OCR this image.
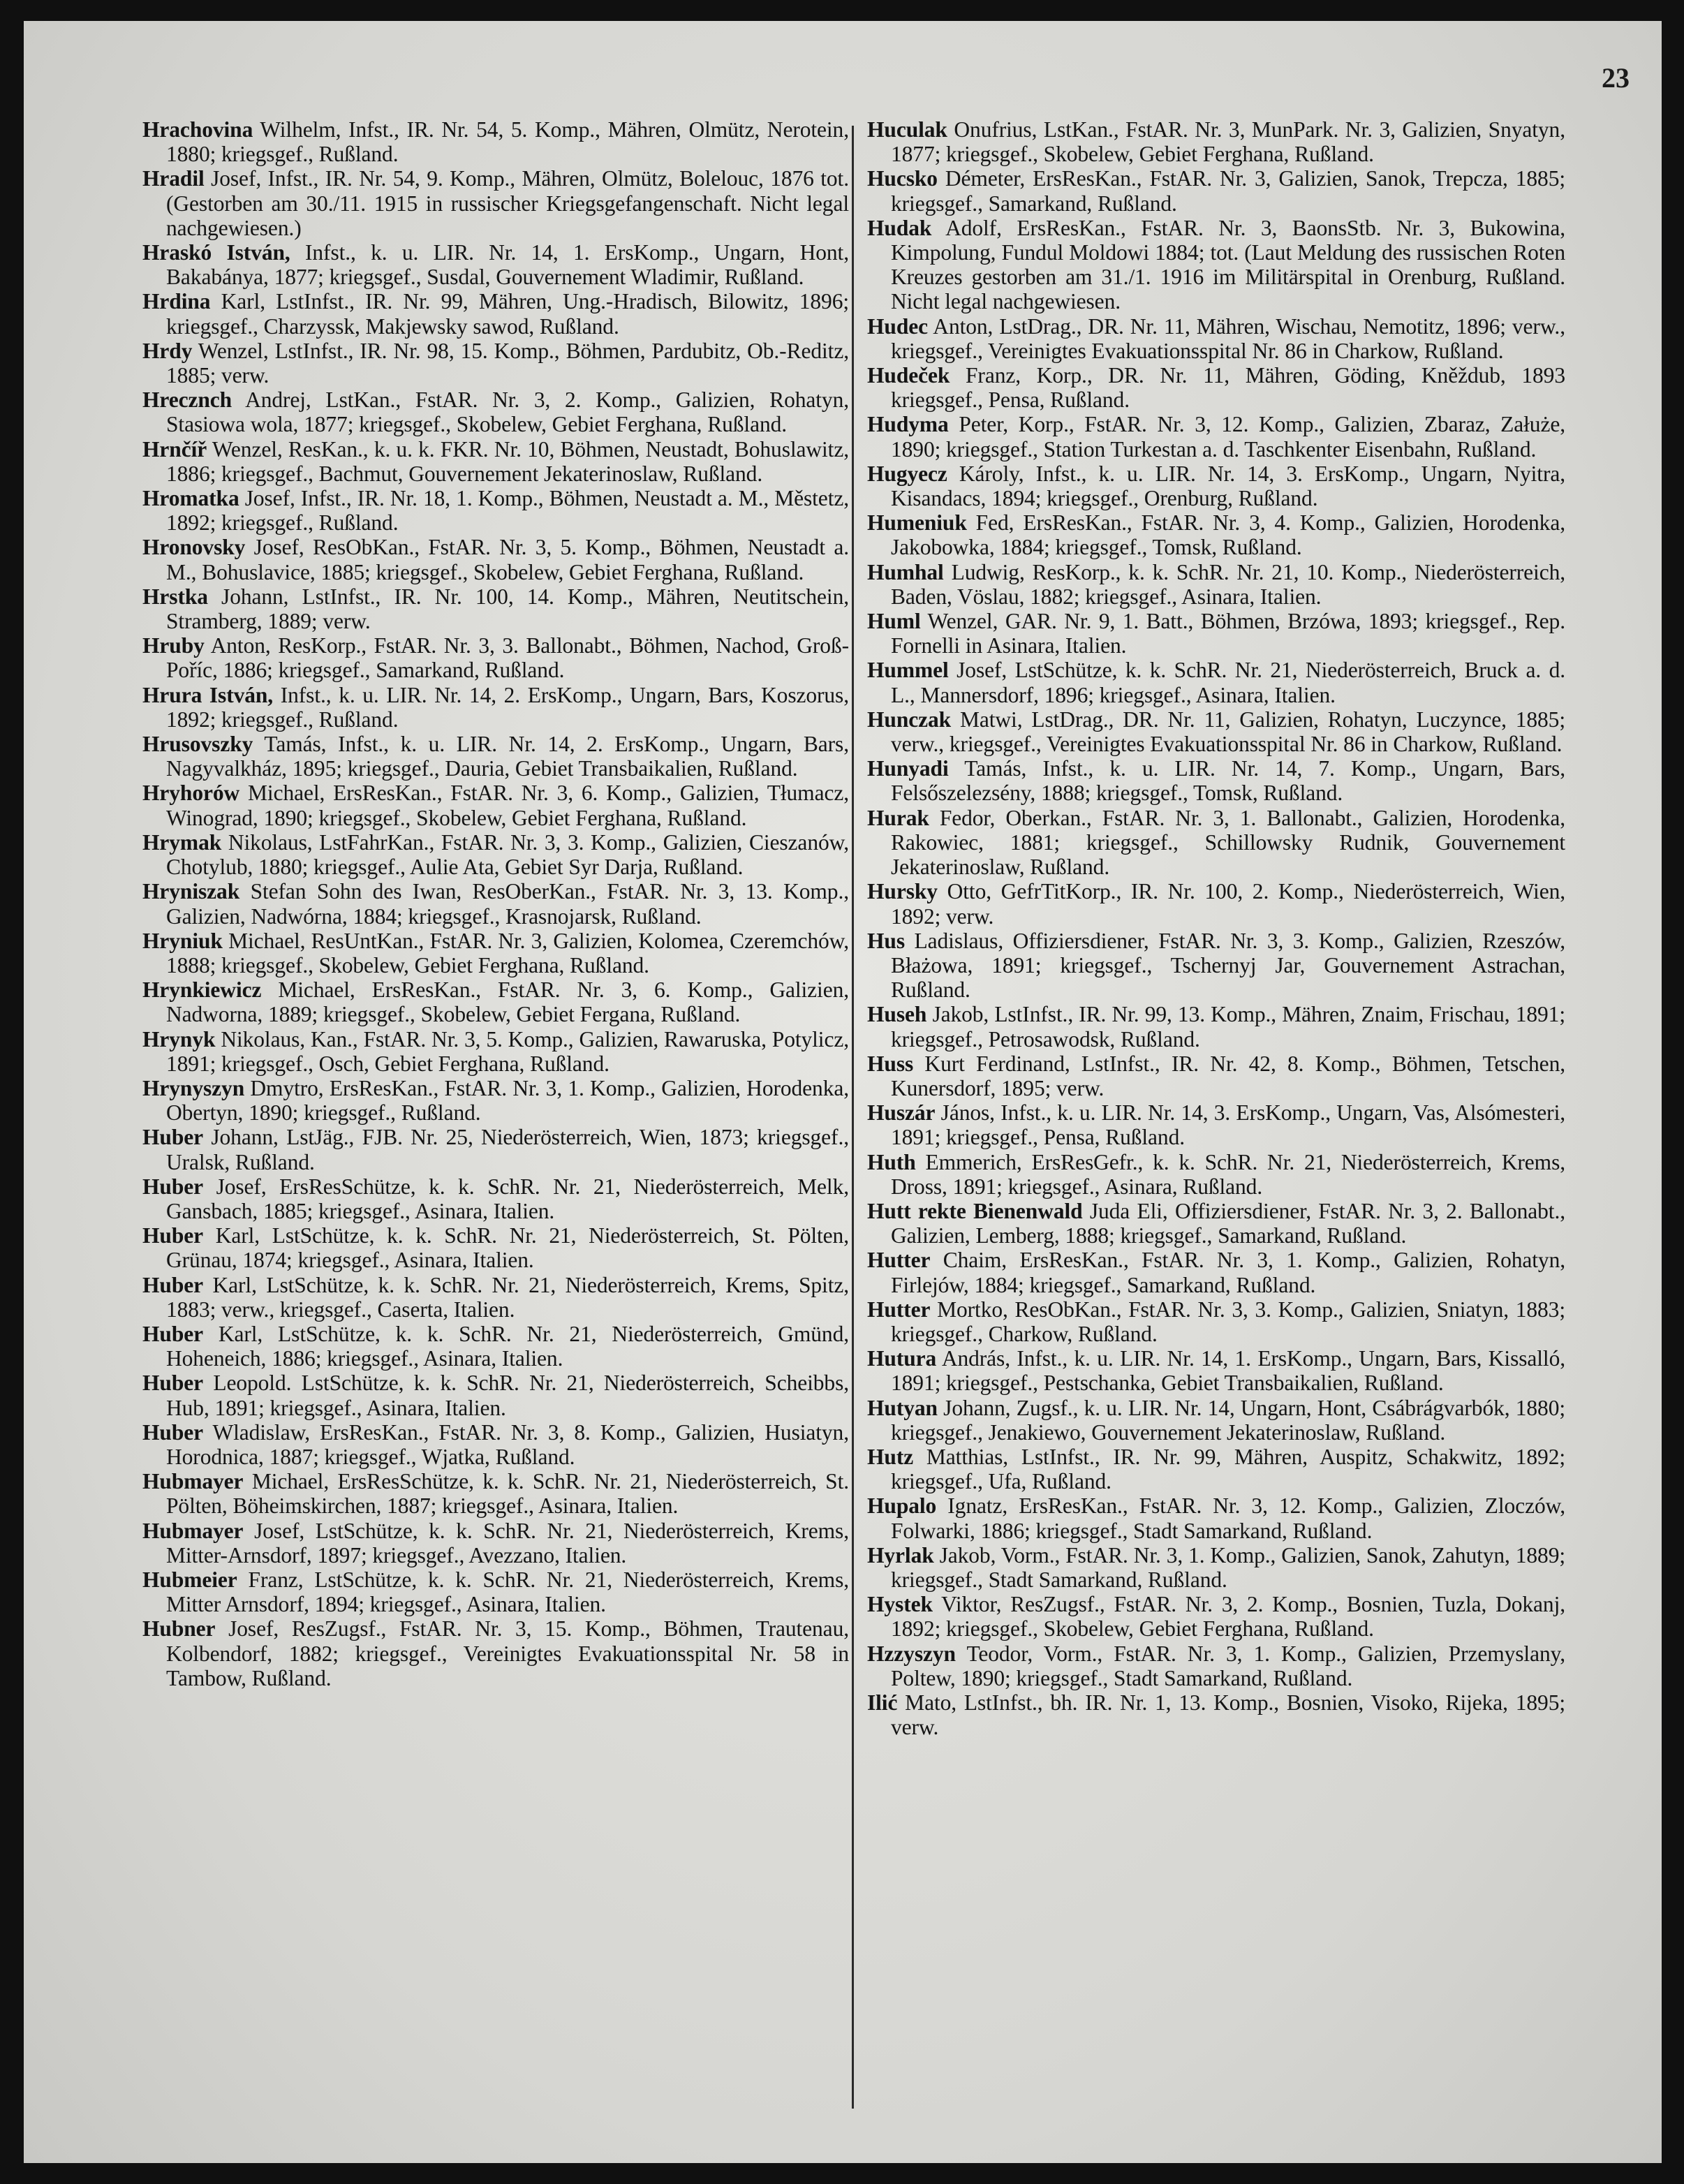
23
Hrachovina Wilhelm, Infst., IR. Nr. 54, 5. Komp., Mähren, Olmütz, Nerotein, 1880; kriegsgef., Rußland.
Hradil Josef, Infst., IR. Nr. 54, 9. Komp., Mähren, Olmütz, Bolelouc, 1876 tot. (Gestorben am 30./11. 1915 in russischer Kriegsgefangenschaft. Nicht legal nachgewiesen.)
Hraskó István, Infst., k. u. LIR. Nr. 14, 1. ErsKomp., Ungarn, Hont, Bakabánya, 1877; kriegsgef., Susdal, Gouvernement Wladimir, Rußland.
Hrdina Karl, LstInfst., IR. Nr. 99, Mähren, Ung.-Hradisch, Bilowitz, 1896; kriegsgef., Charzyssk, Makjewsky sawod, Rußland.
Hrdy Wenzel, LstInfst., IR. Nr. 98, 15. Komp., Böhmen, Pardubitz, Ob.-Reditz, 1885; verw.
Hrecznch Andrej, LstKan., FstAR. Nr. 3, 2. Komp., Galizien, Rohatyn, Stasiowa wola, 1877; kriegsgef., Skobelew, Gebiet Ferghana, Rußland.
Hrnčíř Wenzel, ResKan., k. u. k. FKR. Nr. 10, Böhmen, Neustadt, Bohuslawitz, 1886; kriegsgef., Bachmut, Gouvernement Jekaterinoslaw, Rußland.
Hromatka Josef, Infst., IR. Nr. 18, 1. Komp., Böhmen, Neustadt a. M., Městetz, 1892; kriegsgef., Rußland.
Hronovsky Josef, ResObKan., FstAR. Nr. 3, 5. Komp., Böhmen, Neustadt a. M., Bohuslavice, 1885; kriegsgef., Skobelew, Gebiet Ferghana, Rußland.
Hrstka Johann, LstInfst., IR. Nr. 100, 14. Komp., Mähren, Neutitschein, Stramberg, 1889; verw.
Hruby Anton, ResKorp., FstAR. Nr. 3, 3. Ballonabt., Böhmen, Nachod, Groß-Poříc, 1886; kriegsgef., Samarkand, Rußland.
Hrura István, Infst., k. u. LIR. Nr. 14, 2. ErsKomp., Ungarn, Bars, Koszorus, 1892; kriegsgef., Rußland.
Hrusovszky Tamás, Infst., k. u. LIR. Nr. 14, 2. ErsKomp., Ungarn, Bars, Nagyvalkház, 1895; kriegsgef., Dauria, Gebiet Transbaikalien, Rußland.
Hryhorów Michael, ErsResKan., FstAR. Nr. 3, 6. Komp., Galizien, Tłumacz, Winograd, 1890; kriegsgef., Skobelew, Gebiet Ferghana, Rußland.
Hrymak Nikolaus, LstFahrKan., FstAR. Nr. 3, 3. Komp., Galizien, Cieszanów, Chotylub, 1880; kriegsgef., Aulie Ata, Gebiet Syr Darja, Rußland.
Hryniszak Stefan Sohn des Iwan, ResOberKan., FstAR. Nr. 3, 13. Komp., Galizien, Nadwórna, 1884; kriegsgef., Krasnojarsk, Rußland.
Hryniuk Michael, ResUntKan., FstAR. Nr. 3, Galizien, Kolomea, Czeremchów, 1888; kriegsgef., Skobelew, Gebiet Ferghana, Rußland.
Hrynkiewicz Michael, ErsResKan., FstAR. Nr. 3, 6. Komp., Galizien, Nadworna, 1889; kriegsgef., Skobelew, Gebiet Fergana, Rußland.
Hrynyk Nikolaus, Kan., FstAR. Nr. 3, 5. Komp., Galizien, Rawaruska, Potylicz, 1891; kriegsgef., Osch, Gebiet Ferghana, Rußland.
Hrynyszyn Dmytro, ErsResKan., FstAR. Nr. 3, 1. Komp., Galizien, Horodenka, Obertyn, 1890; kriegsgef., Rußland.
Huber Johann, LstJäg., FJB. Nr. 25, Niederösterreich, Wien, 1873; kriegsgef., Uralsk, Rußland.
Huber Josef, ErsResSchütze, k. k. SchR. Nr. 21, Niederösterreich, Melk, Gansbach, 1885; kriegsgef., Asinara, Italien.
Huber Karl, LstSchütze, k. k. SchR. Nr. 21, Niederösterreich, St. Pölten, Grünau, 1874; kriegsgef., Asinara, Italien.
Huber Karl, LstSchütze, k. k. SchR. Nr. 21, Niederösterreich, Krems, Spitz, 1883; verw., kriegsgef., Caserta, Italien.
Huber Karl, LstSchütze, k. k. SchR. Nr. 21, Niederösterreich, Gmünd, Hoheneich, 1886; kriegsgef., Asinara, Italien.
Huber Leopold. LstSchütze, k. k. SchR. Nr. 21, Niederösterreich, Scheibbs, Hub, 1891; kriegsgef., Asinara, Italien.
Huber Wladislaw, ErsResKan., FstAR. Nr. 3, 8. Komp., Galizien, Husiatyn, Horodnica, 1887; kriegsgef., Wjatka, Rußland.
Hubmayer Michael, ErsResSchütze, k. k. SchR. Nr. 21, Niederösterreich, St. Pölten, Böheimskirchen, 1887; kriegsgef., Asinara, Italien.
Hubmayer Josef, LstSchütze, k. k. SchR. Nr. 21, Niederösterreich, Krems, Mitter-Arnsdorf, 1897; kriegsgef., Avezzano, Italien.
Hubmeier Franz, LstSchütze, k. k. SchR. Nr. 21, Niederösterreich, Krems, Mitter Arnsdorf, 1894; kriegsgef., Asinara, Italien.
Hubner Josef, ResZugsf., FstAR. Nr. 3, 15. Komp., Böhmen, Trautenau, Kolbendorf, 1882; kriegsgef., Vereinigtes Evakuationsspital Nr. 58 in Tambow, Rußland.
Huculak Onufrius, LstKan., FstAR. Nr. 3, MunPark. Nr. 3, Galizien, Snyatyn, 1877; kriegsgef., Skobelew, Gebiet Ferghana, Rußland.
Hucsko Démeter, ErsResKan., FstAR. Nr. 3, Galizien, Sanok, Trepcza, 1885; kriegsgef., Samarkand, Rußland.
Hudak Adolf, ErsResKan., FstAR. Nr. 3, BaonsStb. Nr. 3, Bukowina, Kimpolung, Fundul Moldowi 1884; tot. (Laut Meldung des russischen Roten Kreuzes gestorben am 31./1. 1916 im Militärspital in Orenburg, Rußland. Nicht legal nachgewiesen.
Hudec Anton, LstDrag., DR. Nr. 11, Mähren, Wischau, Nemotitz, 1896; verw., kriegsgef., Vereinigtes Evakuationsspital Nr. 86 in Charkow, Rußland.
Hudeček Franz, Korp., DR. Nr. 11, Mähren, Göding, Kněždub, 1893 kriegsgef., Pensa, Rußland.
Hudyma Peter, Korp., FstAR. Nr. 3, 12. Komp., Galizien, Zbaraz, Załuże, 1890; kriegsgef., Station Turkestan a. d. Taschkenter Eisenbahn, Rußland.
Hugyecz Károly, Infst., k. u. LIR. Nr. 14, 3. ErsKomp., Ungarn, Nyitra, Kisandacs, 1894; kriegsgef., Orenburg, Rußland.
Humeniuk Fed, ErsResKan., FstAR. Nr. 3, 4. Komp., Galizien, Horodenka, Jakobowka, 1884; kriegsgef., Tomsk, Rußland.
Humhal Ludwig, ResKorp., k. k. SchR. Nr. 21, 10. Komp., Niederösterreich, Baden, Vöslau, 1882; kriegsgef., Asinara, Italien.
Huml Wenzel, GAR. Nr. 9, 1. Batt., Böhmen, Brzówa, 1893; kriegsgef., Rep. Fornelli in Asinara, Italien.
Hummel Josef, LstSchütze, k. k. SchR. Nr. 21, Niederösterreich, Bruck a. d. L., Mannersdorf, 1896; kriegsgef., Asinara, Italien.
Hunczak Matwi, LstDrag., DR. Nr. 11, Galizien, Rohatyn, Luczynce, 1885; verw., kriegsgef., Vereinigtes Evakuationsspital Nr. 86 in Charkow, Rußland.
Hunyadi Tamás, Infst., k. u. LIR. Nr. 14, 7. Komp., Ungarn, Bars, Felsőszelezsény, 1888; kriegsgef., Tomsk, Rußland.
Hurak Fedor, Oberkan., FstAR. Nr. 3, 1. Ballonabt., Galizien, Horodenka, Rakowiec, 1881; kriegsgef., Schillowsky Rudnik, Gouvernement Jekaterinoslaw, Rußland.
Hursky Otto, GefrTitKorp., IR. Nr. 100, 2. Komp., Niederösterreich, Wien, 1892; verw.
Hus Ladislaus, Offiziersdiener, FstAR. Nr. 3, 3. Komp., Galizien, Rzeszów, Błażowa, 1891; kriegsgef., Tschernyj Jar, Gouvernement Astrachan, Rußland.
Huseh Jakob, LstInfst., IR. Nr. 99, 13. Komp., Mähren, Znaim, Frischau, 1891; kriegsgef., Petrosawodsk, Rußland.
Huss Kurt Ferdinand, LstInfst., IR. Nr. 42, 8. Komp., Böhmen, Tetschen, Kunersdorf, 1895; verw.
Huszár János, Infst., k. u. LIR. Nr. 14, 3. ErsKomp., Ungarn, Vas, Alsómesteri, 1891; kriegsgef., Pensa, Rußland.
Huth Emmerich, ErsResGefr., k. k. SchR. Nr. 21, Niederösterreich, Krems, Dross, 1891; kriegsgef., Asinara, Rußland.
Hutt rekte Bienenwald Juda Eli, Offiziersdiener, FstAR. Nr. 3, 2. Ballonabt., Galizien, Lemberg, 1888; kriegsgef., Samarkand, Rußland.
Hutter Chaim, ErsResKan., FstAR. Nr. 3, 1. Komp., Galizien, Rohatyn, Firlejów, 1884; kriegsgef., Samarkand, Rußland.
Hutter Mortko, ResObKan., FstAR. Nr. 3, 3. Komp., Galizien, Sniatyn, 1883; kriegsgef., Charkow, Rußland.
Hutura András, Infst., k. u. LIR. Nr. 14, 1. ErsKomp., Ungarn, Bars, Kissalló, 1891; kriegsgef., Pestschanka, Gebiet Transbaikalien, Rußland.
Hutyan Johann, Zugsf., k. u. LIR. Nr. 14, Ungarn, Hont, Csábrágvarbók, 1880; kriegsgef., Jenakiewo, Gouvernement Jekaterinoslaw, Rußland.
Hutz Matthias, LstInfst., IR. Nr. 99, Mähren, Auspitz, Schakwitz, 1892; kriegsgef., Ufa, Rußland.
Hupalo Ignatz, ErsResKan., FstAR. Nr. 3, 12. Komp., Galizien, Zloczów, Folwarki, 1886; kriegsgef., Stadt Samarkand, Rußland.
Hyrlak Jakob, Vorm., FstAR. Nr. 3, 1. Komp., Galizien, Sanok, Zahutyn, 1889; kriegsgef., Stadt Samarkand, Rußland.
Hystek Viktor, ResZugsf., FstAR. Nr. 3, 2. Komp., Bosnien, Tuzla, Dokanj, 1892; kriegsgef., Skobelew, Gebiet Ferghana, Rußland.
Hzzyszyn Teodor, Vorm., FstAR. Nr. 3, 1. Komp., Galizien, Przemyslany, Poltew, 1890; kriegsgef., Stadt Samarkand, Rußland.
Ilić Mato, LstInfst., bh. IR. Nr. 1, 13. Komp., Bosnien, Visoko, Rijeka, 1895; verw.
